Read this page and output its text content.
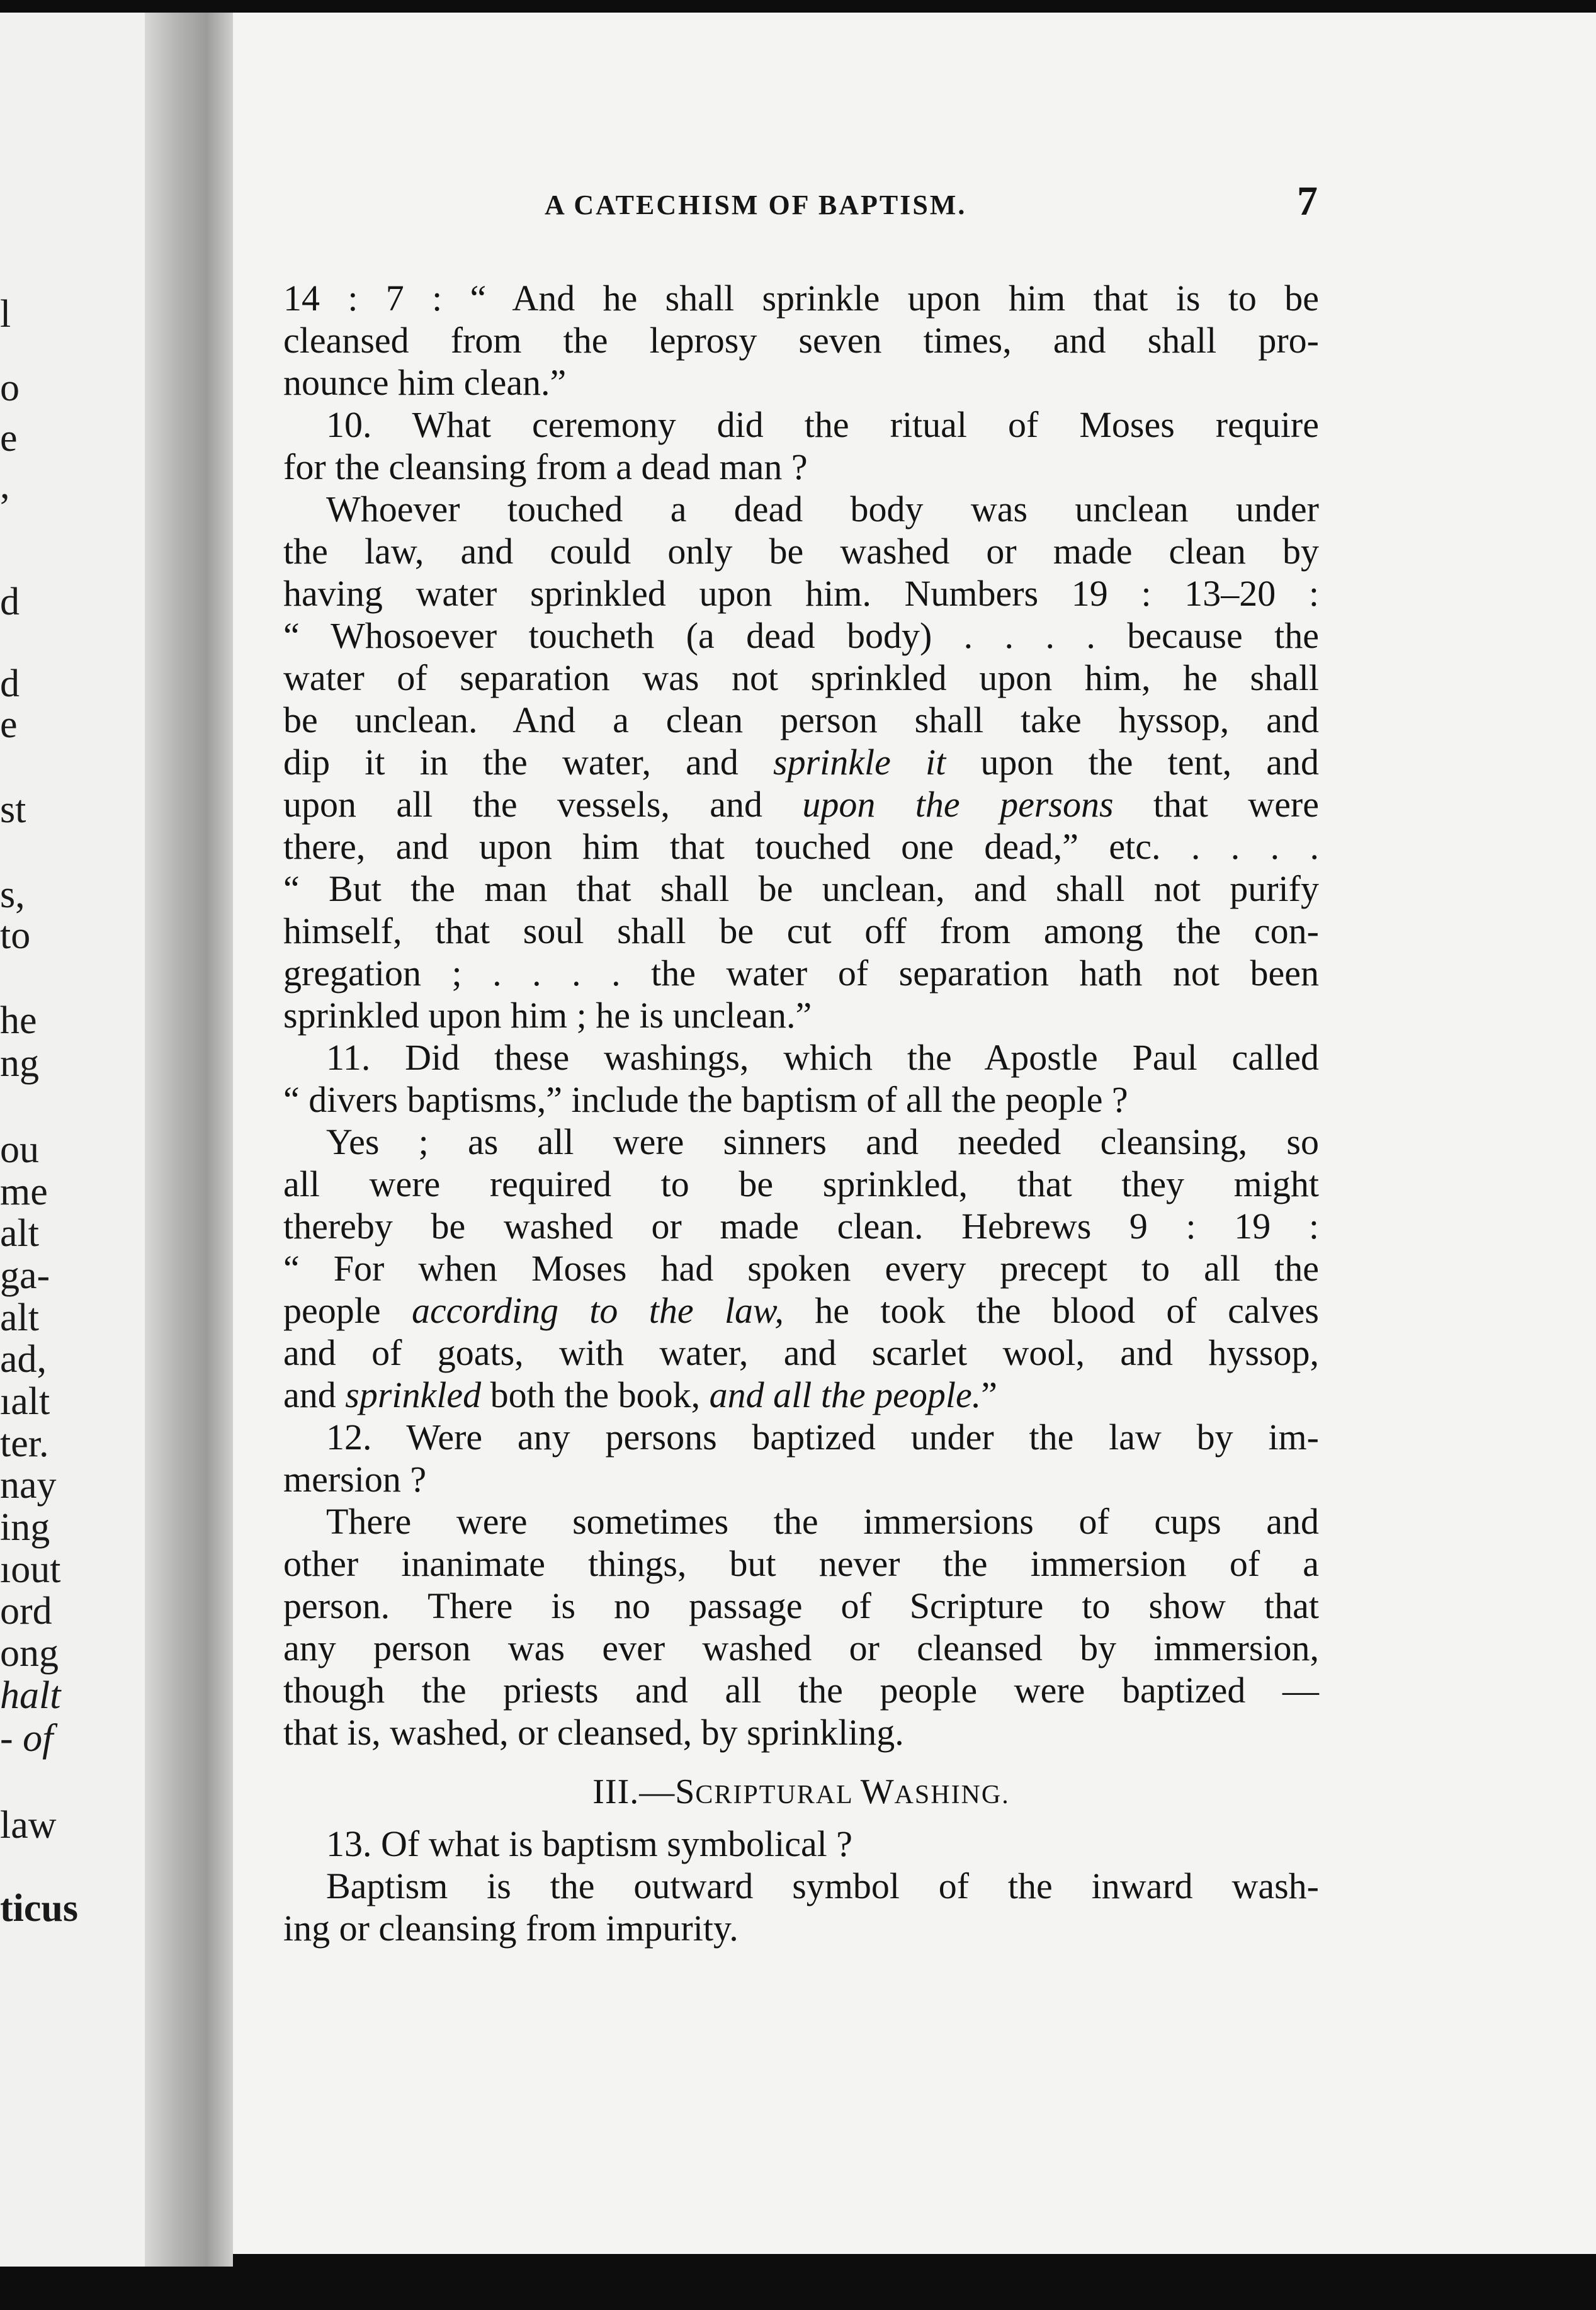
l
o
e
,
d
d
e
st
s,
to
he
ng
ou
me
alt
ga-
alt
ad,
ıalt
ter.
nay
ing
ıout
ord
ong
halt
- of
law
ticus
A CATECHISM OF BAPTISM.	7
14 : 7 : “ And he shall sprinkle upon him that is to be
cleansed from the leprosy seven times, and shall pro-
nounce him clean.”
10. What ceremony did the ritual of Moses require
for the cleansing from a dead man ?
Whoever touched a dead body was unclean under
the law, and could only be washed or made clean by
having water sprinkled upon him. Numbers 19 : 13–20 :
“ Whosoever toucheth (a dead body) . . . . because the
water of separation was not sprinkled upon him, he shall
be unclean. And a clean person shall take hyssop, and
dip it in the water, and sprinkle it upon the tent, and
upon all the vessels, and upon the persons that were
there, and upon him that touched one dead,” etc. . . . .
“ But the man that shall be unclean, and shall not purify
himself, that soul shall be cut off from among the con-
gregation ; . . . . the water of separation hath not been
sprinkled upon him ; he is unclean.”
11. Did these washings, which the Apostle Paul called
“ divers baptisms,” include the baptism of all the people ?
Yes ; as all were sinners and needed cleansing, so
all were required to be sprinkled, that they might
thereby be washed or made clean. Hebrews 9 : 19 :
“ For when Moses had spoken every precept to all the
people according to the law, he took the blood of calves
and of goats, with water, and scarlet wool, and hyssop,
and sprinkled both the book, and all the people.”
12. Were any persons baptized under the law by im-
mersion ?
There were sometimes the immersions of cups and
other inanimate things, but never the immersion of a
person. There is no passage of Scripture to show that
any person was ever washed or cleansed by immersion,
though the priests and all the people were baptized —
that is, washed, or cleansed, by sprinkling.
III.—SCRIPTURAL WASHING.
13. Of what is baptism symbolical ?
Baptism is the outward symbol of the inward wash-
ing or cleansing from impurity.
